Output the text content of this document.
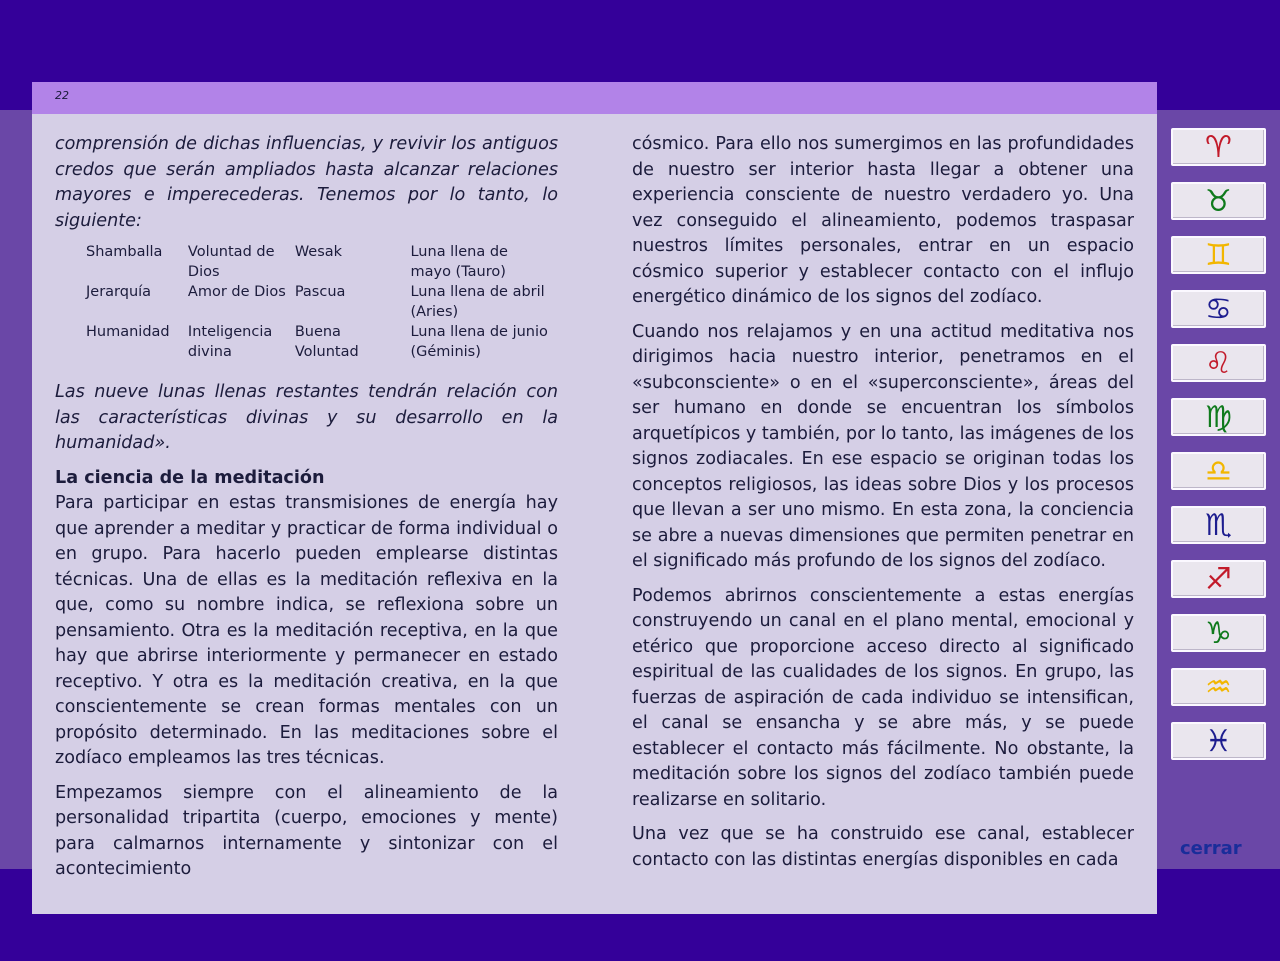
22

comprensión de dichas influencias, y revivir los antiguos credos que serán ampliados hasta alcanzar relaciones mayores e imperecederas. Tenemos por lo tanto, lo siguiente:

Shamballa	Voluntad de Dios	Wesak	Luna llena de mayo (Tauro)
Jerarquía	Amor de Dios	Pascua	Luna llena de abril (Aries)
Humanidad	Inteligencia divina	Buena Voluntad	Luna llena de junio (Géminis)

Las nueve lunas llenas restantes tendrán relación con las características divinas y su desarrollo en la humanidad».

La ciencia de la meditación

Para participar en estas transmisiones de energía hay que aprender a meditar y practicar de forma individual o en grupo. Para hacerlo pueden emplearse distintas técnicas. Una de ellas es la meditación reflexiva en la que, como su nombre indica, se reflexiona sobre un pensamiento. Otra es la meditación receptiva, en la que hay que abrirse interiormente y permanecer en estado receptivo. Y otra es la meditación creativa, en la que conscientemente se crean formas mentales con un propósito determinado. En las meditaciones sobre el zodíaco empleamos las tres técnicas.

Empezamos siempre con el alineamiento de la personalidad tripartita (cuerpo, emociones y mente) para calmarnos internamente y sintonizar con el acontecimiento

cósmico. Para ello nos sumergimos en las profundidades de nuestro ser interior hasta llegar a obtener una experiencia consciente de nuestro verdadero yo. Una vez conseguido el alineamiento, podemos traspasar nuestros límites personales, entrar en un espacio cósmico superior y establecer contacto con el influjo energético dinámico de los signos del zodíaco.

Cuando nos relajamos y en una actitud meditativa nos dirigimos hacia nuestro interior, penetramos en el «subconsciente» o en el «superconsciente», áreas del ser humano en donde se encuentran los símbolos arquetípicos y también, por lo tanto, las imágenes de los signos zodiacales. En ese espacio se originan todas los conceptos religiosos, las ideas sobre Dios y los procesos que llevan a ser uno mismo. En esta zona, la conciencia se abre a nuevas dimensiones que permiten penetrar en el significado más profundo de los signos del zodíaco.

Podemos abrirnos conscientemente a estas energías construyendo un canal en el plano mental, emocional y etérico que proporcione acceso directo al significado espiritual de las cualidades de los signos. En grupo, las fuerzas de aspiración de cada individuo se intensifican, el canal se ensancha y se abre más, y se puede establecer el contacto más fácilmente. No obstante, la meditación sobre los signos del zodíaco también puede realizarse en solitario.

Una vez que se ha construido ese canal, establecer contacto con las distintas energías disponibles en cada

♈
♉
♊
♋
♌
♍
♎
♏
♐
♑
♒
♓
cerrar
